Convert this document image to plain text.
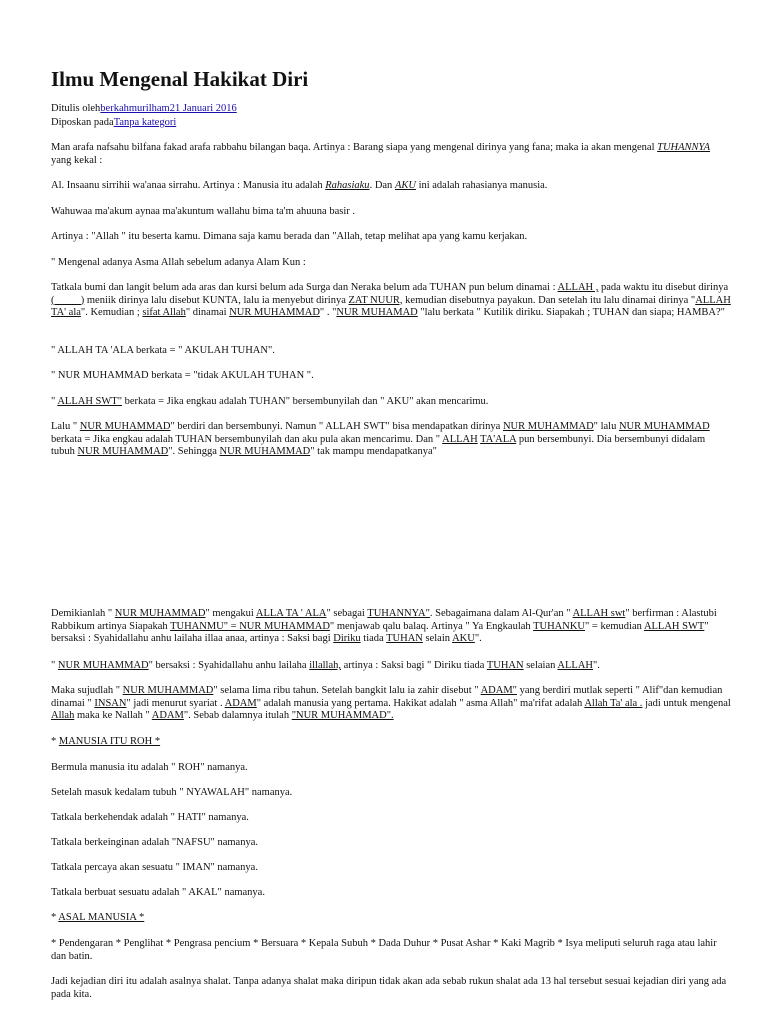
Ilmu Mengenal Hakikat Diri

Ditulis olehberkahmurilham21 Januari 2016

Diposkan padaTanpa kategori

Man arafa nafsahu bilfana fakad arafa rabbahu bilangan baqa. Artinya : Barang siapa yang mengenal dirinya yang fana; maka ia akan mengenal TUHANNYA yang kekal :

Al. Insaanu sirrihii wa'anaa sirrahu. Artinya : Manusia itu adalah Rahasiaku. Dan AKU ini adalah rahasianya manusia.

Wahuwaa ma'akum aynaa ma'akuntum wallahu bima ta'm ahuuna basir .

Artinya : "Allah " itu beserta kamu. Dimana saja kamu berada dan "Allah, tetap melihat apa yang kamu kerjakan.

" Mengenal adanya Asma Allah sebelum adanya Alam Kun :

Tatkala bumi dan langit belum ada aras dan kursi belum ada Surga dan Neraka belum ada TUHAN pun belum dinamai : ALLAH , pada waktu itu disebut dirinya (_____) meniik dirinya lalu disebut KUNTA, lalu ia menyebut dirinya ZAT NUUR, kemudian disebutnya payakun. Dan setelah itu lalu dinamai dirinya "ALLAH TA' ala". Kemudian ; sifat Allah" dinamai NUR MUHAMMAD" . "NUR MUHAMAD "lalu berkata " Kutilik diriku. Siapakah ; TUHAN dan siapa; HAMBA?"

" ALLAH TA 'ALA berkata = " AKULAH TUHAN".

" NUR MUHAMMAD berkata = "tidak AKULAH TUHAN ".

" ALLAH SWT" berkata = Jika engkau adalah TUHAN" bersembunyilah dan " AKU" akan mencarimu.

Lalu " NUR MUHAMMAD" berdiri dan bersembunyi. Namun " ALLAH SWT" bisa mendapatkan dirinya NUR MUHAMMAD" lalu NUR MUHAMMAD berkata = Jika engkau adalah TUHAN bersembunyilah dan aku pula akan mencarimu. Dan " ALLAH TA'ALA pun bersembunyi. Dia bersembunyi didalam tubuh NUR MUHAMMAD". Sehingga NUR MUHAMMAD" tak mampu mendapatkanya"

Demikianlah " NUR MUHAMMAD" mengakui ALLA TA ' ALA" sebagai TUHANNYA". Sebagaimana dalam Al-Qur'an " ALLAH swt" berfirman : Alastubi Rabbikum artinya Siapakah TUHANMU" = NUR MUHAMMAD" menjawab qalu balaq. Artinya " Ya Engkaulah TUHANKU" = kemudian ALLAH SWT" bersaksi : Syahidallahu anhu lailaha illaa anaa, artinya : Saksi bagi Diriku tiada TUHAN selain AKU".

" NUR MUHAMMAD" bersaksi : Syahidallahu anhu lailaha illallah, artinya : Saksi bagi " Diriku tiada TUHAN selaian ALLAH".

Maka sujudlah " NUR MUHAMMAD" selama lima ribu tahun. Setelah bangkit lalu ia zahir disebut " ADAM" yang berdiri mutlak seperti " Alif"dan kemudian dinamai " INSAN" jadi menurut syariat . ADAM" adalah manusia yang pertama. Hakikat adalah " asma Allah" ma'rifat adalah Allah Ta' ala . jadi untuk mengenal Allah maka ke Nallah " ADAM". Sebab dalamnya itulah "NUR MUHAMMAD".

* MANUSIA ITU ROH *

Bermula manusia itu adalah " ROH" namanya.

Setelah masuk kedalam tubuh " NYAWALAH" namanya.

Tatkala berkehendak adalah " HATI" namanya.

Tatkala berkeinginan adalah "NAFSU" namanya.

Tatkala percaya akan sesuatu " IMAN" namanya.

Tatkala berbuat sesuatu adalah " AKAL" namanya.

* ASAL MANUSIA *

* Pendengaran * Penglihat * Pengrasa pencium * Bersuara * Kepala Subuh * Dada Duhur * Pusat Ashar * Kaki Magrib * Isya meliputi seluruh raga atau lahir dan batin.

Jadi kejadian diri itu adalah asalnya shalat. Tanpa adanya shalat maka diripun tidak akan ada sebab rukun shalat ada 13 hal tersebut sesuai kejadian diri yang ada pada kita.
